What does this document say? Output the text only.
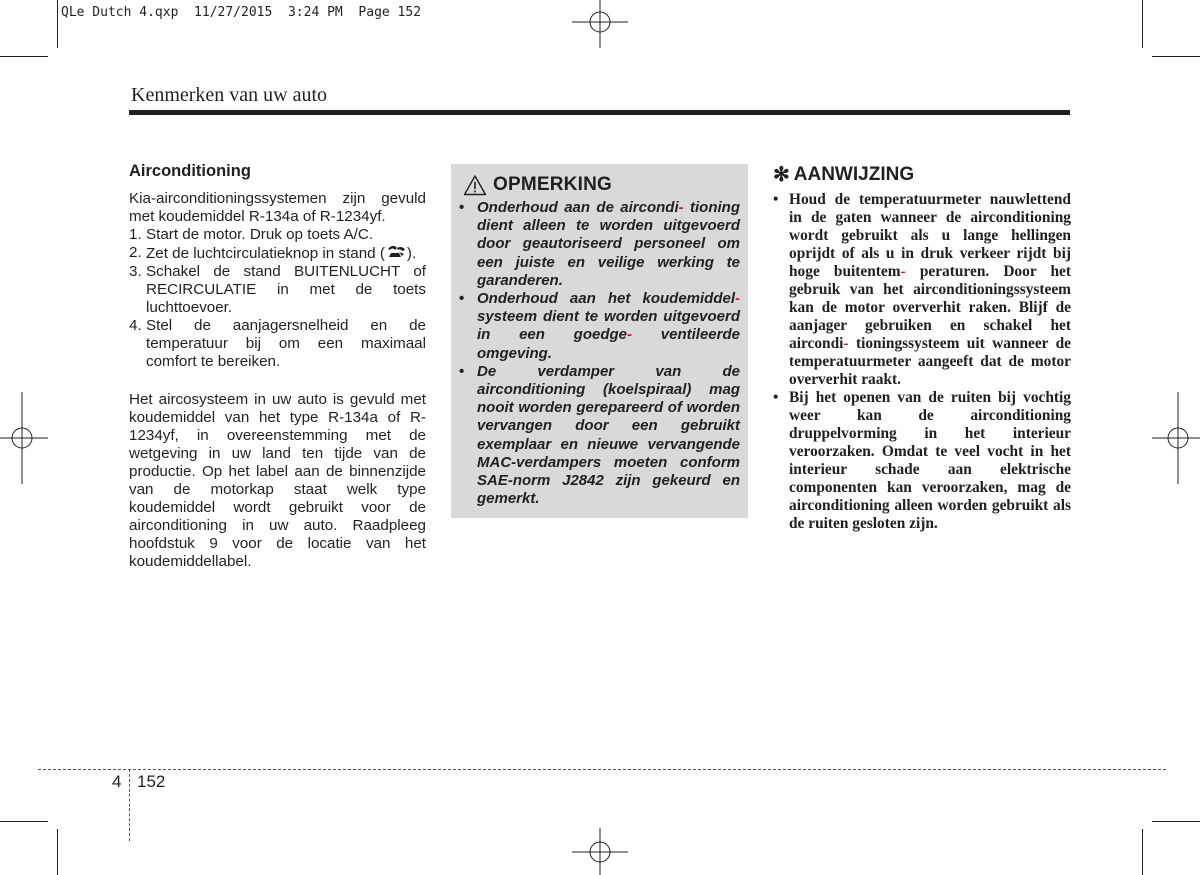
QLe Dutch 4.qxp  11/27/2015  3:24 PM  Page 152
Kenmerken van uw auto
Airconditioning

Kia-airconditioningssystemen zijn gevuld met koudemiddel R-134a of R-1234yf.

1. Start de motor. Druk op toets A/C.
2. Zet de luchtcirculatieknop in stand ( ).
3. Schakel de stand BUITENLUCHT of RECIRCULATIE in met de toets luchttoevoer.
4. Stel de aanjagersnelheid en de temperatuur bij om een maximaal comfort te bereiken.

Het aircosysteem in uw auto is gevuld met koudemiddel van het type R-134a of R- 1234yf, in overeenstemming met de wetgeving in uw land ten tijde van de productie. Op het label aan de binnenzijde van de motorkap staat welk type koudemiddel wordt gebruikt voor de airconditioning in uw auto. Raadpleeg hoofdstuk 9 voor de locatie van het koudemiddellabel.

OPMERKING
• Onderhoud aan de aircondi- tioning dient alleen te worden uitgevoerd door geautoriseerd personeel om een juiste en veilige werking te garanderen.
• Onderhoud aan het koudemiddel- systeem dient te worden uitgevoerd in een goedge- ventileerde omgeving.
• De verdamper van de airconditioning (koelspiraal) mag nooit worden gerepareerd of worden vervangen door een gebruikt exemplaar en nieuwe vervangende MAC-verdampers moeten conform SAE-norm J2842 zijn gekeurd en gemerkt.
✻ AANWIJZING
• Houd de temperatuurmeter nauwlettend in de gaten wanneer de airconditioning wordt gebruikt als u lange hellingen oprijdt of als u in druk verkeer rijdt bij hoge buitentem- peraturen. Door het gebruik van het airconditioningssysteem kan de motor oververhit raken. Blijf de aanjager gebruiken en schakel het aircondi- tioningssysteem uit wanneer de temperatuurmeter aangeeft dat de motor oververhit raakt.
• Bij het openen van de ruiten bij vochtig weer kan de airconditioning druppelvorming in het interieur veroorzaken. Omdat te veel vocht in het interieur schade aan elektrische componenten kan veroorzaken, mag de airconditioning alleen worden gebruikt als de ruiten gesloten zijn.
4 152
